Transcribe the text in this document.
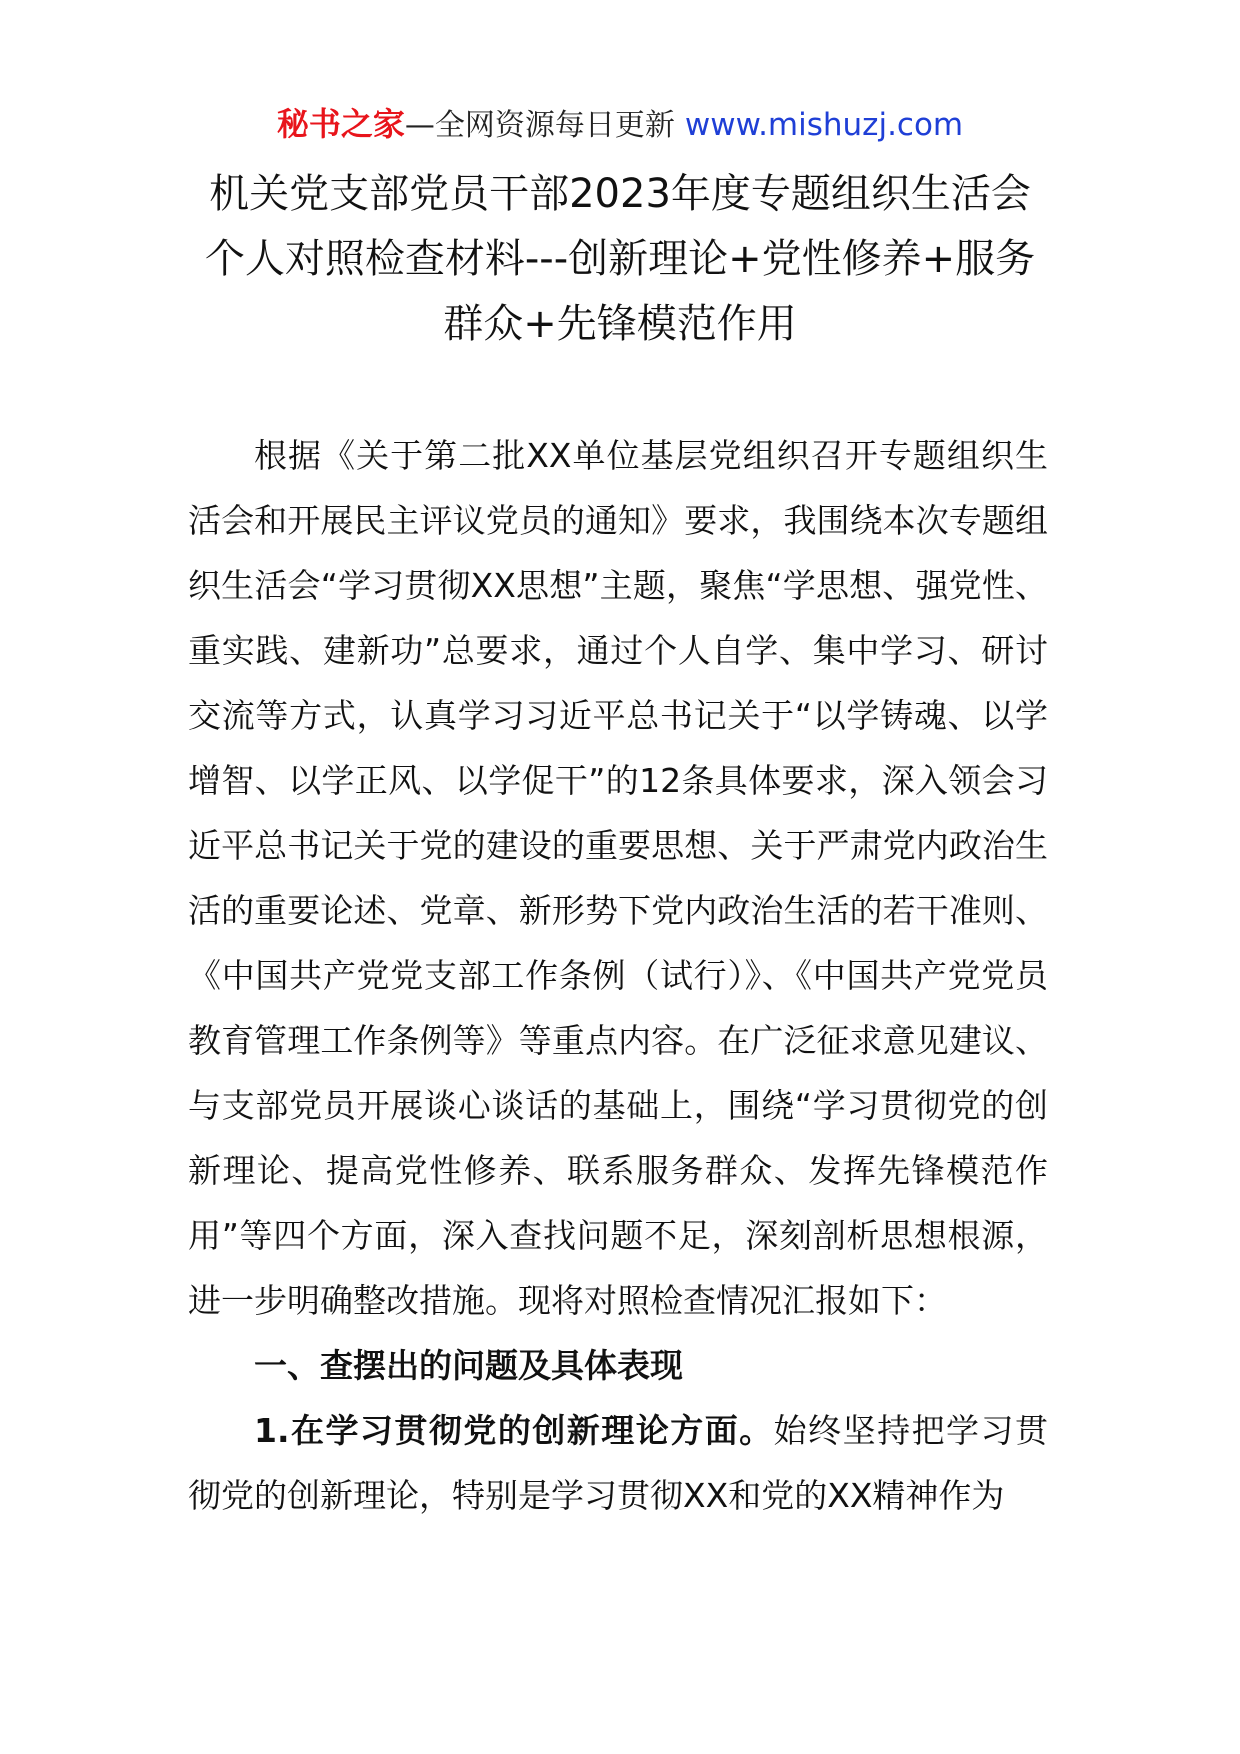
秘书之家—全网资源每日更新 www.mishuzj.com
机关党支部党员干部2023年度专题组织生活会
个人对照检查材料---创新理论+党性修养+服务
群众+先锋模范作用

根据《关于第二批XX单位基层党组织召开专题组织生活会和开展民主评议党员的通知》要求，我围绕本次专题组织生活会“学习贯彻XX思想”主题，聚焦“学思想、强党性、重实践、建新功”总要求，通过个人自学、集中学习、研讨交流等方式，认真学习习近平总书记关于“以学铸魂、以学增智、以学正风、以学促干”的12条具体要求，深入领会习近平总书记关于党的建设的重要思想、关于严肃党内政治生活的重要论述、党章、新形势下党内政治生活的若干准则、《中国共产党党支部工作条例（试行）》、《中国共产党党员教育管理工作条例等》等重点内容。在广泛征求意见建议、与支部党员开展谈心谈话的基础上，围绕“学习贯彻党的创新理论、提高党性修养、联系服务群众、发挥先锋模范作用”等四个方面，深入查找问题不足，深刻剖析思想根源，进一步明确整改措施。现将对照检查情况汇报如下：

一、查摆出的问题及具体表现

1.在学习贯彻党的创新理论方面。始终坚持把学习贯彻党的创新理论，特别是学习贯彻XX和党的XX精神作为
